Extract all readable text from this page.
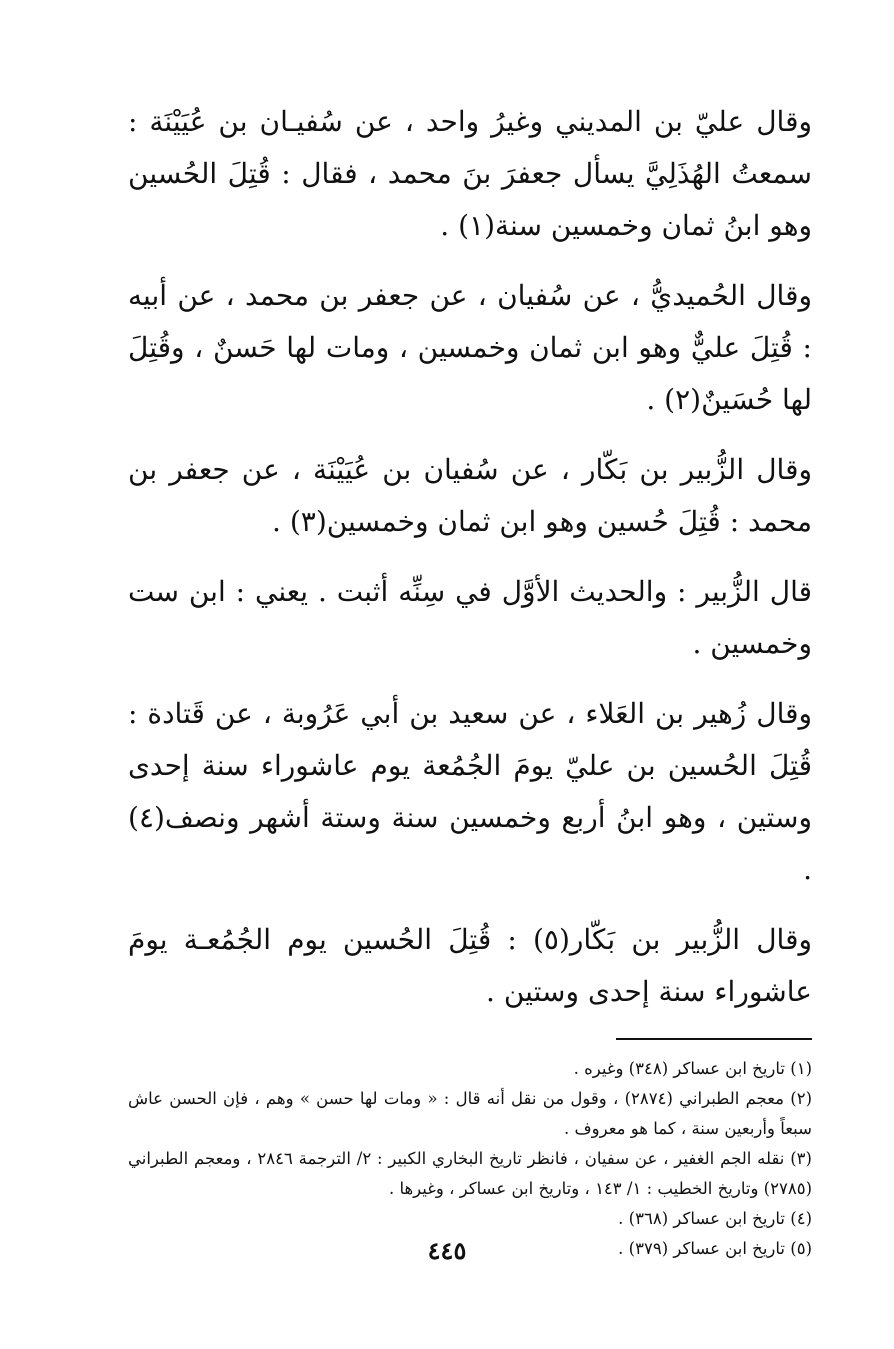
وقال عليّ بن المديني وغيرُ واحد ، عن سُفيـان بن عُيَيْنَة : سمعتُ الهُذَلِيَّ يسأل جعفرَ بنَ محمد ، فقال : قُتِلَ الحُسين وهو ابنُ ثمان وخمسين سنة(١) .

وقال الحُميديُّ ، عن سُفيان ، عن جعفر بن محمد ، عن أبيه : قُتِلَ عليٌّ وهو ابن ثمان وخمسين ، ومات لها حَسنٌ ، وقُتِلَ لها حُسَينٌ(٢) .

وقال الزُّبير بن بَكّار ، عن سُفيان بن عُيَيْنَة ، عن جعفر بن محمد : قُتِلَ حُسين وهو ابن ثمان وخمسين(٣) .

قال الزُّبير : والحديث الأوَّل في سِنِّه أثبت . يعني : ابن ست وخمسين .

وقال زُهير بن العَلاء ، عن سعيد بن أبي عَرُوبة ، عن قَتادة : قُتِلَ الحُسين بن عليّ يومَ الجُمُعة يوم عاشوراء سنة إحدى وستين ، وهو ابنُ أربع وخمسين سنة وستة أشهر ونصف(٤) .

وقال الزُّبير بن بَكّار(٥) : قُتِلَ الحُسين يوم الجُمُعـة يومَ عاشوراء سنة إحدى وستين .

(١) تاريخ ابن عساكر (٣٤٨) وغيره .

(٢) معجم الطبراني (٢٨٧٤) ، وقول من نقل أنه قال : « ومات لها حسن » وهم ، فإن الحسن عاش سبعاً وأربعين سنة ، كما هو معروف .

(٣) نقله الجم الغفير ، عن سفيان ، فانظر تاريخ البخاري الكبير : ٢/ الترجمة ٢٨٤٦ ، ومعجم الطبراني (٢٧٨٥) وتاريخ الخطيب : ١/ ١٤٣ ، وتاريخ ابن عساكر ، وغيرها .

(٤) تاريخ ابن عساكر (٣٦٨) .

(٥) تاريخ ابن عساكر (٣٧٩) .

٤٤٥
